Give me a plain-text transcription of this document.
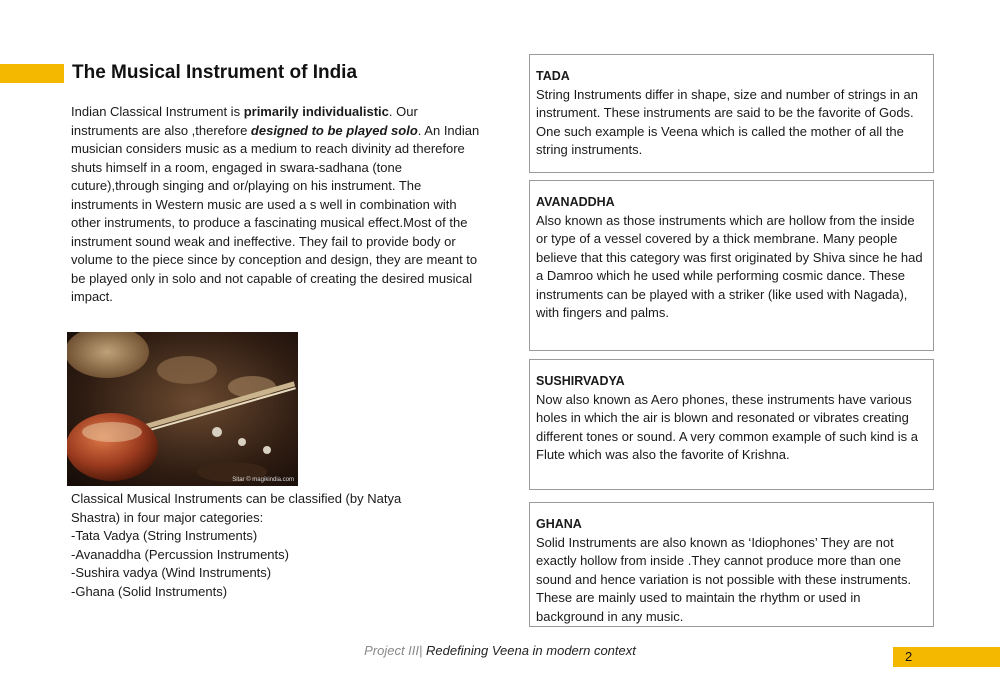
The Musical Instrument of India
Indian Classical Instrument is primarily individualistic. Our instruments are also ,therefore designed to be played solo. An Indian musician considers music as a medium to reach divinity ad therefore shuts himself in a room, engaged in swara-sadhana (tone cuture),through singing and or/playing on his instrument. The instruments in Western music are used a s well in combination with other instruments, to produce a fascinating musical effect.Most of the instrument sound weak and ineffective. They fail to provide body or volume to the piece since by conception and design, they are meant to be played only in solo and not capable of creating the desired musical impact.
Sitar © magikindia.com
Classical Musical Instruments can be classified (by Natya
Shastra) in four major categories:
-Tata Vadya (String Instruments)
-Avanaddha (Percussion Instruments)
-Sushira vadya (Wind Instruments)
-Ghana (Solid Instruments)
TADA
String Instruments differ in shape, size and number of strings in an instrument. These instruments are said to be the favorite of Gods. One such example is Veena which is called the mother of all the string instruments.
AVANADDHA
Also known as those instruments which are hollow from the inside or type of a vessel covered by a thick membrane. Many people believe that this category was first originated by Shiva since he had a Damroo which he used while performing cosmic dance. These instruments can be played with a striker (like used with Nagada), with fingers and palms.
SUSHIRVADYA
Now also known as Aero phones, these instruments have various holes in which the air is blown and resonated or vibrates creating different tones or sound. A very common example of such kind is a Flute which was also the favorite of Krishna.
GHANA
Solid Instruments are also known as ‘Idiophones’ They are not exactly hollow from inside .They cannot produce more than one sound and hence variation is not possible with these instruments. These are mainly used to maintain the rhythm or used in background in any music.
Project III| Redefining Veena in modern context	2
